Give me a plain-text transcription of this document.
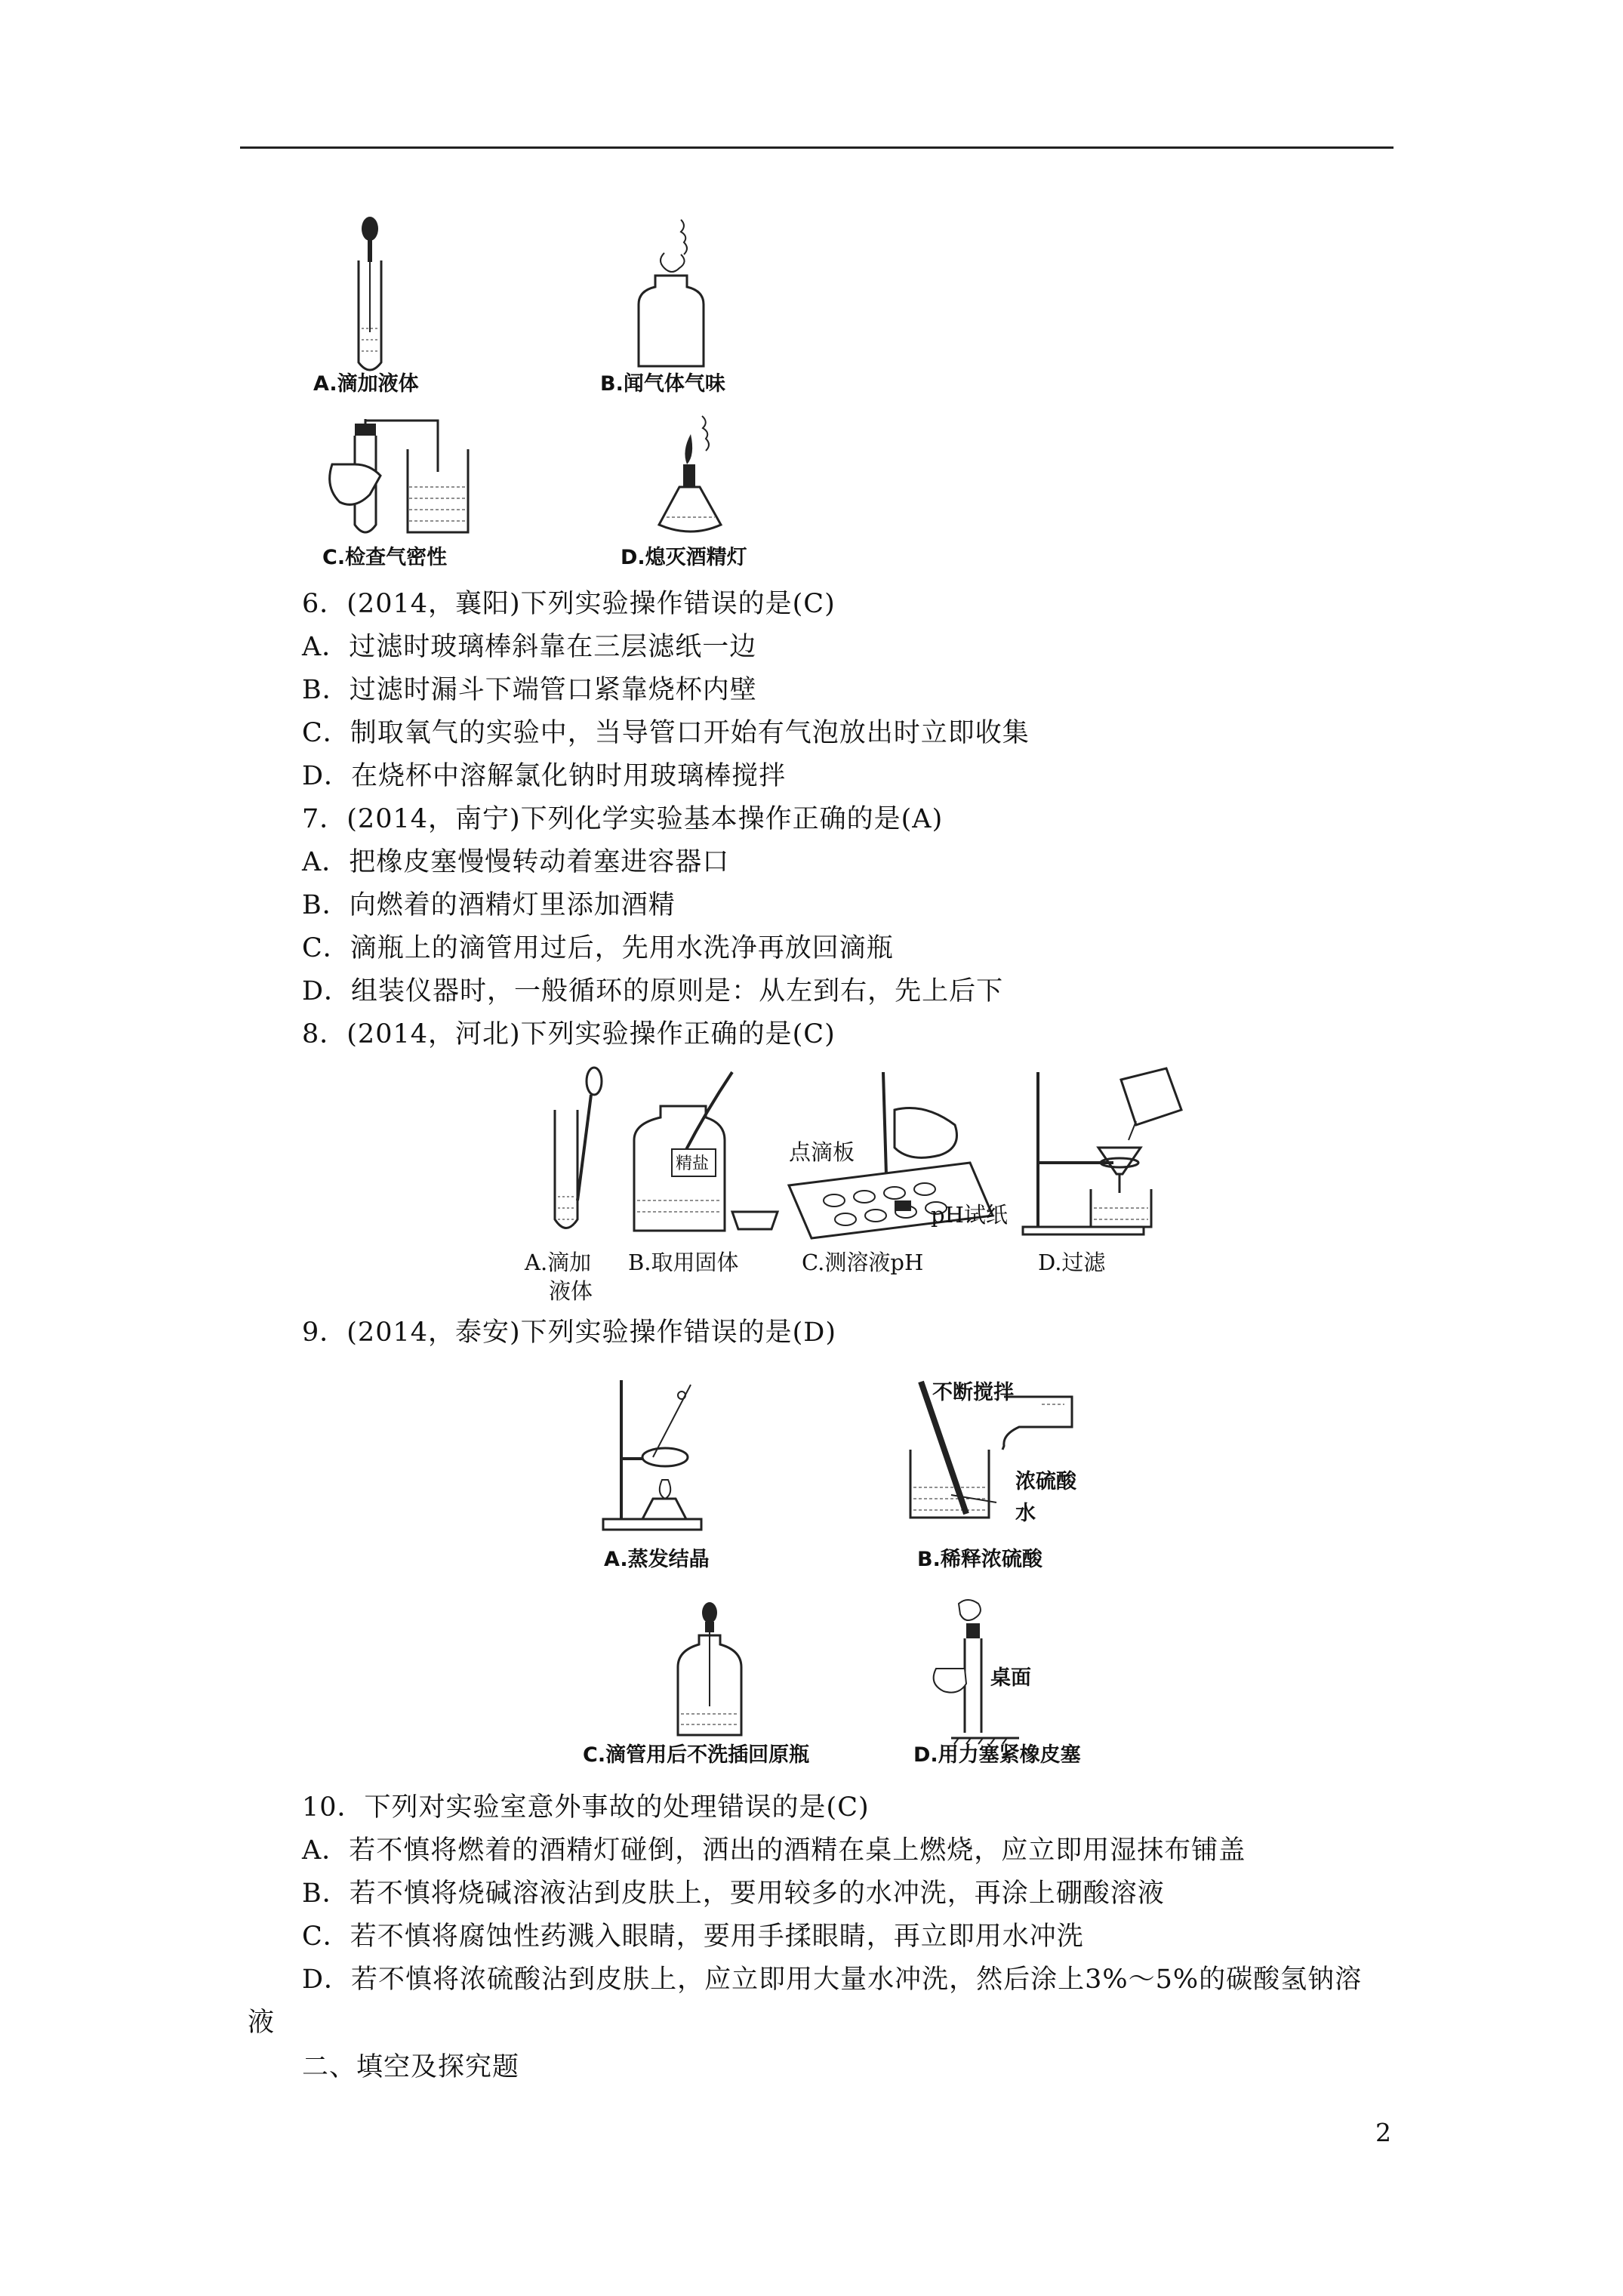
A.滴加液体	B.闻气体气味
C.检查气密性	D.熄灭酒精灯
6．(2014，襄阳)下列实验操作错误的是(C)
A．过滤时玻璃棒斜靠在三层滤纸一边
B．过滤时漏斗下端管口紧靠烧杯内壁
C．制取氧气的实验中，当导管口开始有气泡放出时立即收集
D．在烧杯中溶解氯化钠时用玻璃棒搅拌
7．(2014，南宁)下列化学实验基本操作正确的是(A)
A．把橡皮塞慢慢转动着塞进容器口
B．向燃着的酒精灯里添加酒精
C．滴瓶上的滴管用过后，先用水洗净再放回滴瓶
D．组装仪器时，一般循环的原则是：从左到右，先上后下
8．(2014，河北)下列实验操作正确的是(C)
精盐	点滴板
pH试纸
A.滴加
液体
B.取用固体	C.测溶液pH	D.过滤
9．(2014，泰安)下列实验操作错误的是(D)
不断搅拌
浓硫酸
水
A.蒸发结晶	B.稀释浓硫酸
桌面
C.滴管用后不洗插回原瓶	D.用力塞紧橡皮塞
10．下列对实验室意外事故的处理错误的是(C)
A．若不慎将燃着的酒精灯碰倒，洒出的酒精在桌上燃烧，应立即用湿抹布铺盖
B．若不慎将烧碱溶液沾到皮肤上，要用较多的水冲洗，再涂上硼酸溶液
C．若不慎将腐蚀性药溅入眼睛，要用手揉眼睛，再立即用水冲洗
D．若不慎将浓硫酸沾到皮肤上，应立即用大量水冲洗，然后涂上3%～5%的碳酸氢钠溶
液
二、填空及探究题
2
